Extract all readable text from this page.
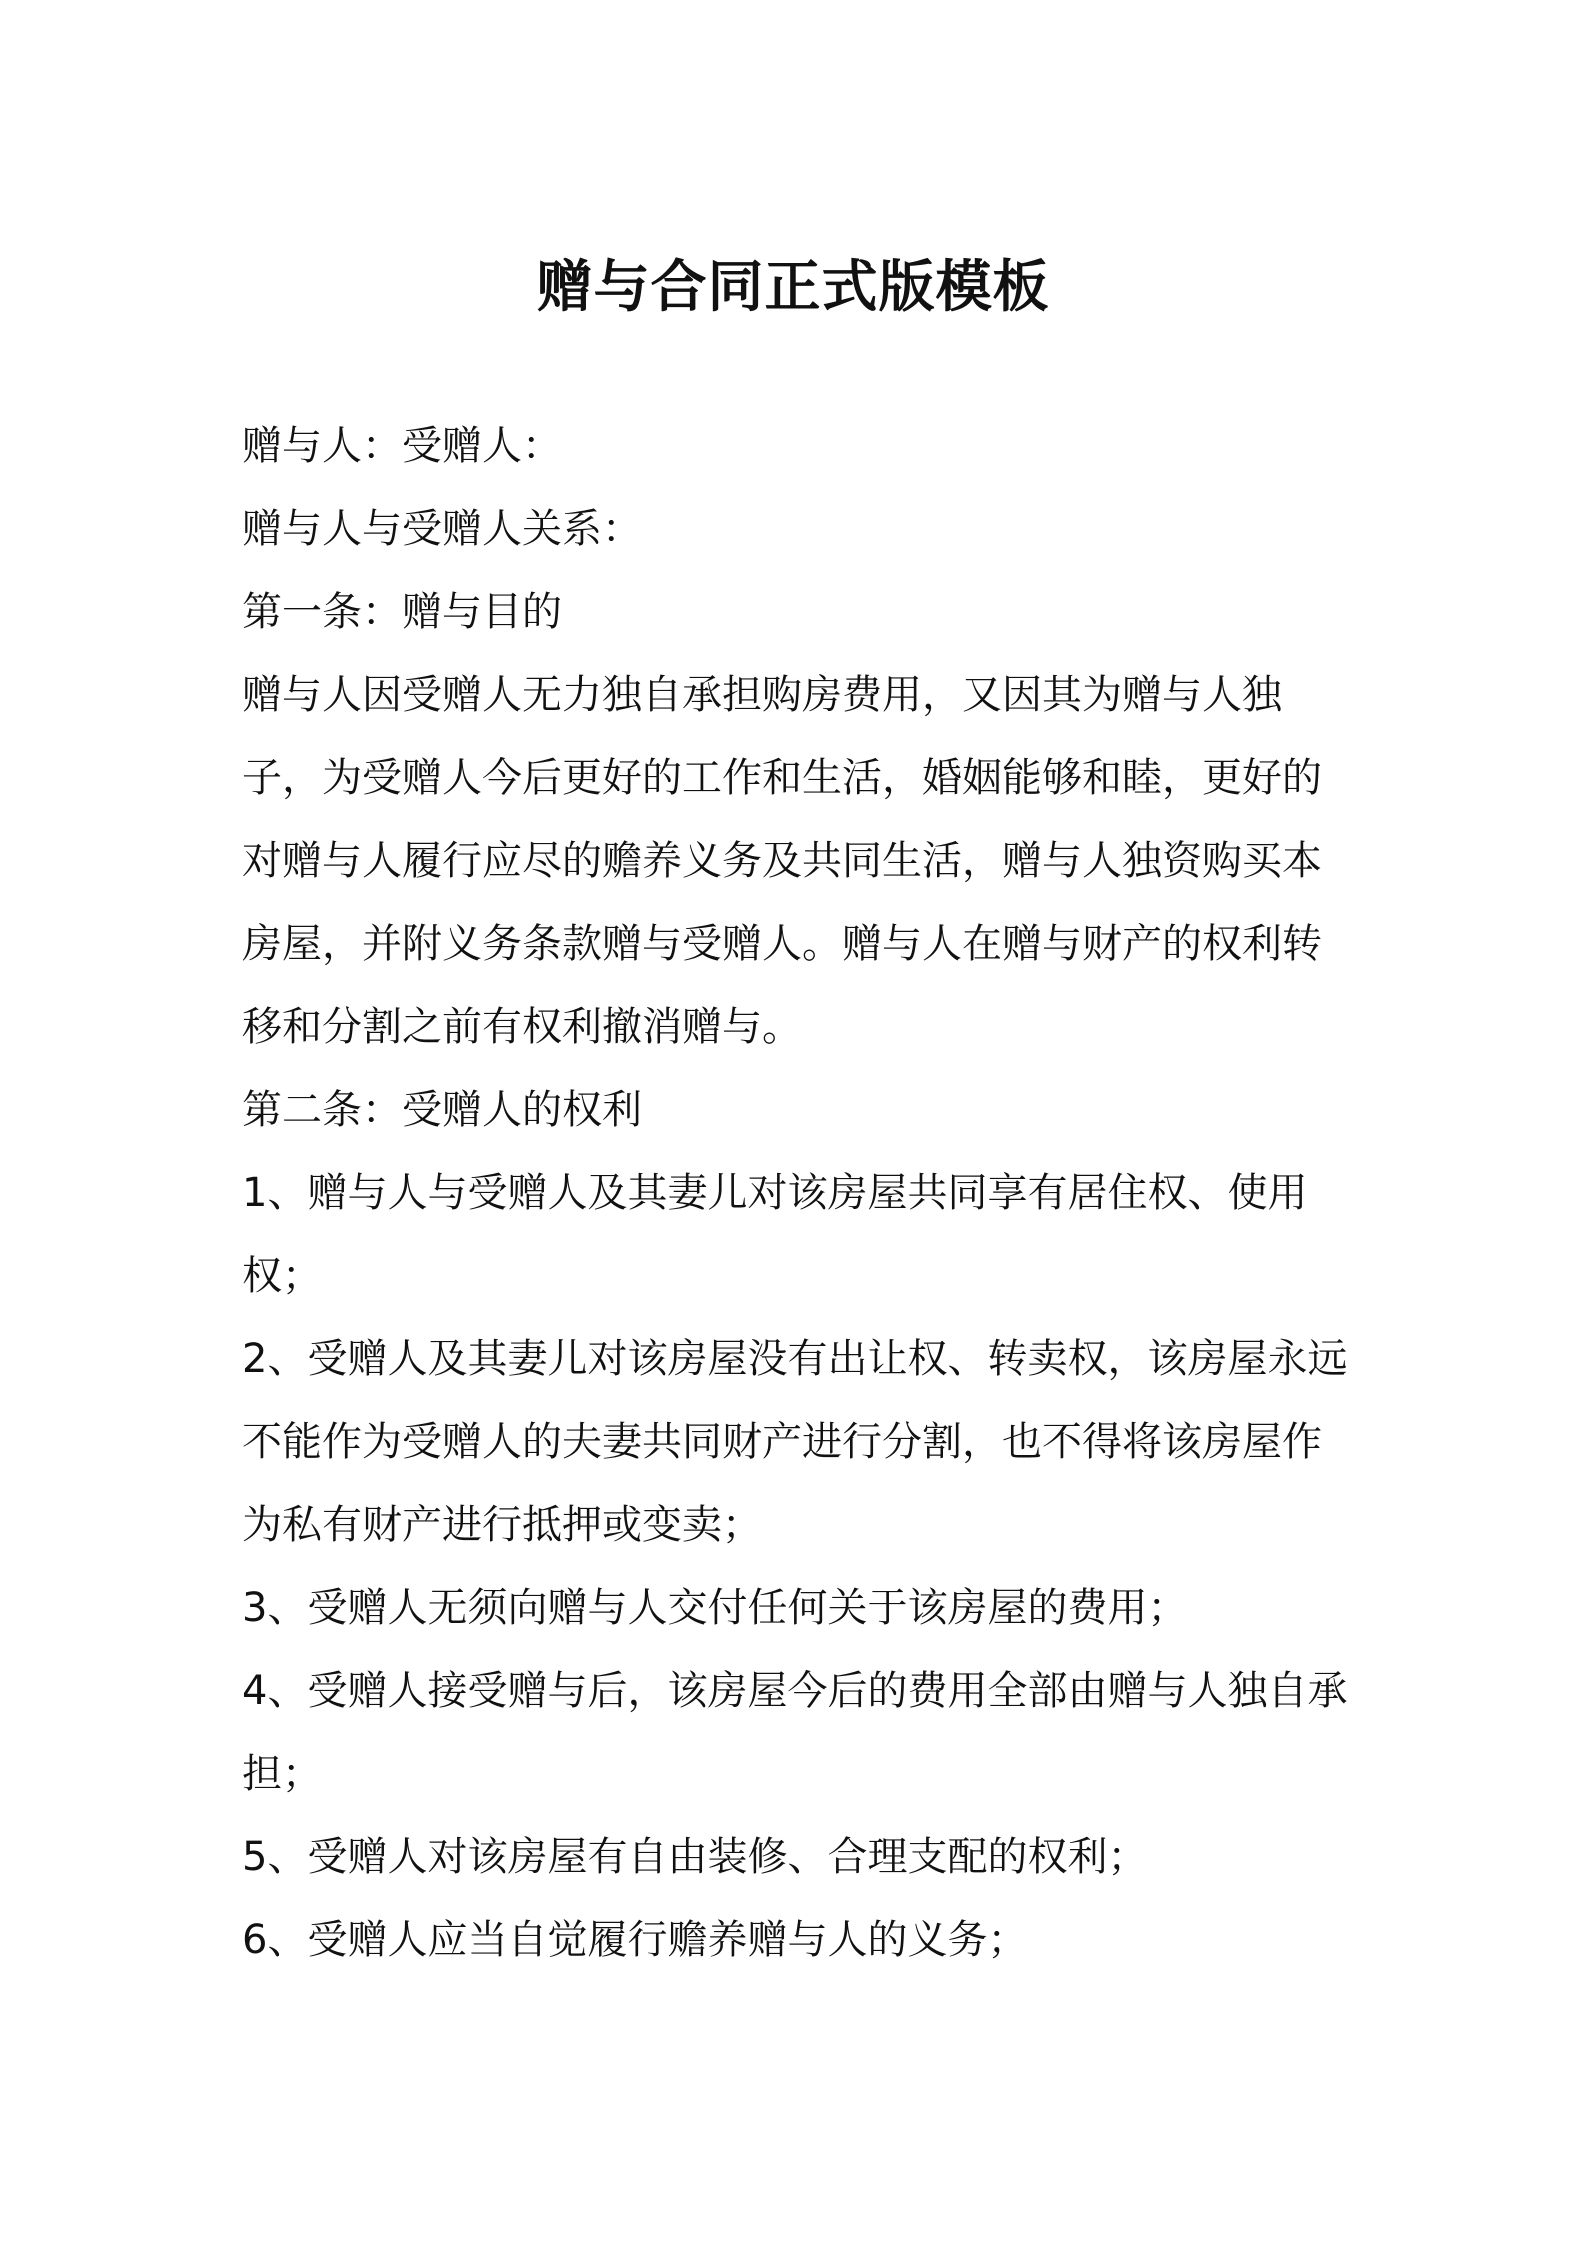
赠与合同正式版模板

赠与人：受赠人：

赠与人与受赠人关系：

第一条：赠与目的

赠与人因受赠人无力独自承担购房费用，又因其为赠与人独子，为受赠人今后更好的工作和生活，婚姻能够和睦，更好的对赠与人履行应尽的赡养义务及共同生活，赠与人独资购买本房屋，并附义务条款赠与受赠人。赠与人在赠与财产的权利转移和分割之前有权利撤消赠与。

第二条：受赠人的权利

1、赠与人与受赠人及其妻儿对该房屋共同享有居住权、使用权；

2、受赠人及其妻儿对该房屋没有出让权、转卖权，该房屋永远不能作为受赠人的夫妻共同财产进行分割，也不得将该房屋作为私有财产进行抵押或变卖；

3、受赠人无须向赠与人交付任何关于该房屋的费用；

4、受赠人接受赠与后，该房屋今后的费用全部由赠与人独自承担；

5、受赠人对该房屋有自由装修、合理支配的权利；

6、受赠人应当自觉履行赡养赠与人的义务；
